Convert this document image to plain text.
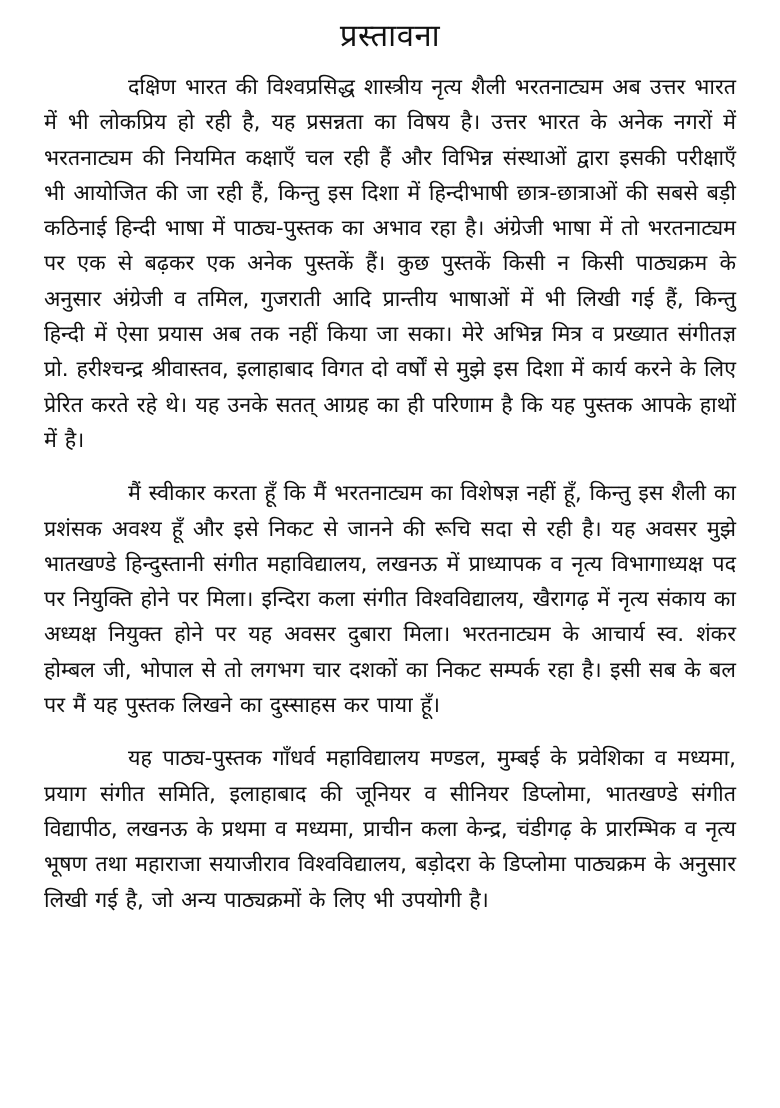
प्रस्तावना

दक्षिण भारत की विश्वप्रसिद्ध शास्त्रीय नृत्य शैली भरतनाट्यम अब उत्तर भारत में भी लोकप्रिय हो रही है, यह प्रसन्नता का विषय है। उत्तर भारत के अनेक नगरों में भरतनाट्यम की नियमित कक्षाएँ चल रही हैं और विभिन्न संस्थाओं द्वारा इसकी परीक्षाएँ भी आयोजित की जा रही हैं, किन्तु इस दिशा में हिन्दीभाषी छात्र-छात्राओं की सबसे बड़ी कठिनाई हिन्दी भाषा में पाठ्य-पुस्तक का अभाव रहा है। अंग्रेजी भाषा में तो भरतनाट्यम पर एक से बढ़कर एक अनेक पुस्तकें हैं। कुछ पुस्तकें किसी न किसी पाठ्यक्रम के अनुसार अंग्रेजी व तमिल, गुजराती आदि प्रान्तीय भाषाओं में भी लिखी गई हैं, किन्तु हिन्दी में ऐसा प्रयास अब तक नहीं किया जा सका। मेरे अभिन्न मित्र व प्रख्यात संगीतज्ञ प्रो. हरीश्चन्द्र श्रीवास्तव, इलाहाबाद विगत दो वर्षों से मुझे इस दिशा में कार्य करने के लिए प्रेरित करते रहे थे। यह उनके सतत् आग्रह का ही परिणाम है कि यह पुस्तक आपके हाथों में है।

मैं स्वीकार करता हूँ कि मैं भरतनाट्यम का विशेषज्ञ नहीं हूँ, किन्तु इस शैली का प्रशंसक अवश्य हूँ और इसे निकट से जानने की रूचि सदा से रही है। यह अवसर मुझे भातखण्डे हिन्दुस्तानी संगीत महाविद्यालय, लखनऊ में प्राध्यापक व नृत्य विभागाध्यक्ष पद पर नियुक्ति होने पर मिला। इन्दिरा कला संगीत विश्वविद्यालय, खैरागढ़ में नृत्य संकाय का अध्यक्ष नियुक्त होने पर यह अवसर दुबारा मिला। भरतनाट्यम के आचार्य स्व. शंकर होम्बल जी, भोपाल से तो लगभग चार दशकों का निकट सम्पर्क रहा है। इसी सब के बल पर मैं यह पुस्तक लिखने का दुस्साहस कर पाया हूँ।

यह पाठ्य-पुस्तक गाँधर्व महाविद्यालय मण्डल, मुम्बई के प्रवेशिका व मध्यमा, प्रयाग संगीत समिति, इलाहाबाद की जूनियर व सीनियर डिप्लोमा, भातखण्डे संगीत विद्यापीठ, लखनऊ के प्रथमा व मध्यमा, प्राचीन कला केन्द्र, चंडीगढ़ के प्रारम्भिक व नृत्य भूषण तथा महाराजा सयाजीराव विश्वविद्यालय, बड़ोदरा के डिप्लोमा पाठ्यक्रम के अनुसार लिखी गई है, जो अन्य पाठ्यक्रमों के लिए भी उपयोगी है।
